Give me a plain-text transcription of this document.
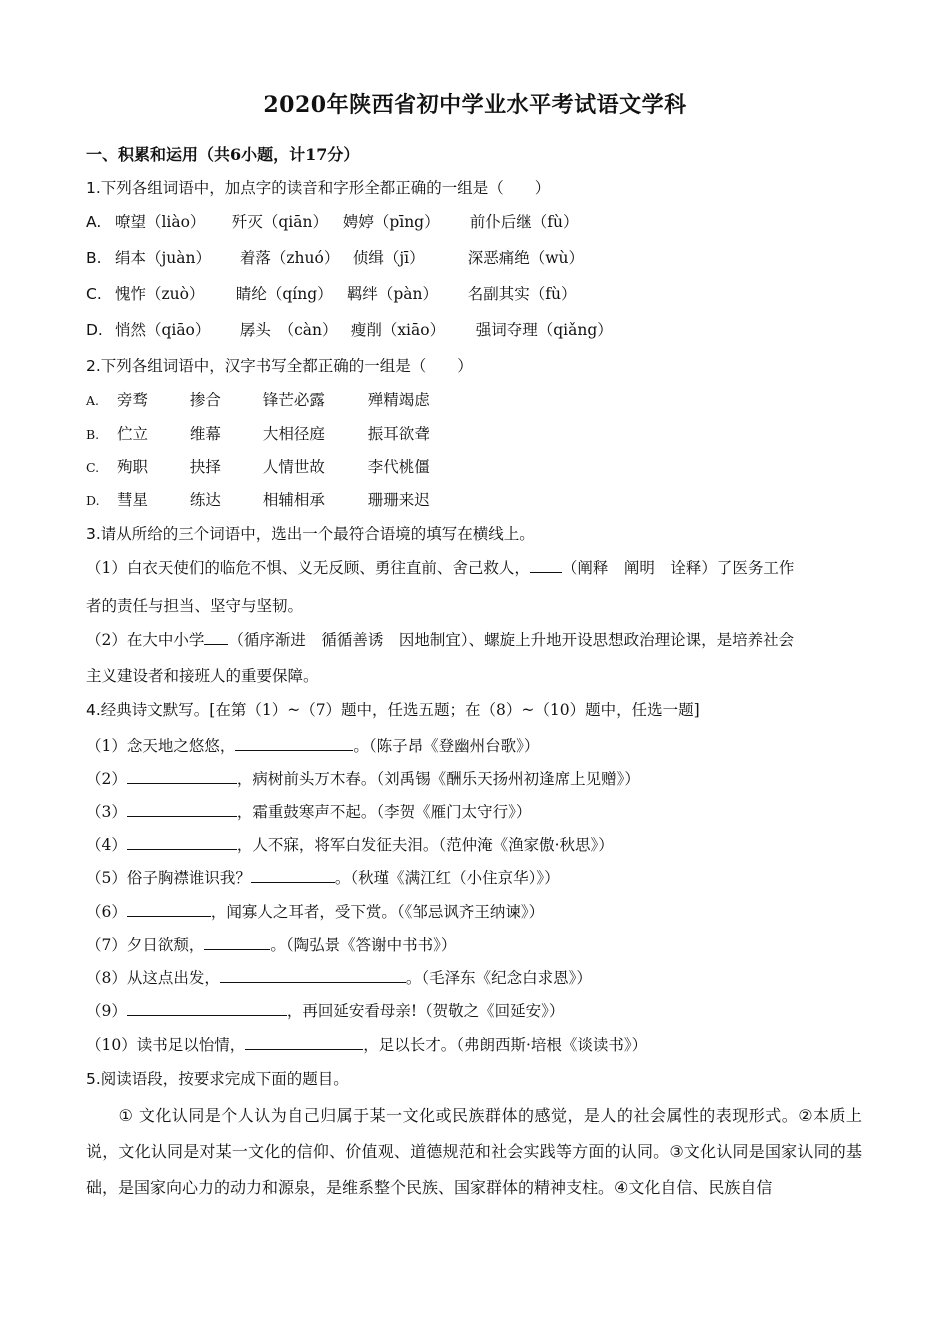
2020年陕西省初中学业水平考试语文学科
一、积累和运用（共6小题，计17分）
1.下列各组词语中，加点字的读音和字形全都正确的一组是（　　）
A. 嘹望（liào） 歼灭（qiān） 娉婷（pīng） 前仆后继（fù）
B. 绢本（juàn） 着落（zhuó） 侦缉（jī）	深恶痛绝（wù）
C. 愧怍（zuò） 睛纶（qíng） 羁绊（pàn） 名副其实（fù）
D. 悄然（qiāo） 孱头　（càn） 瘦削（xiāo） 强词夺理（qiǎng）
2.下列各组词语中，汉字书写全都正确的一组是（　　）
A. 旁骛	掺合	锋芒必露	殚精竭虑
B. 伫立	维幕	大相径庭	振耳欲聋
C. 殉职	抉择	人情世故	李代桃僵
D. 彗星	练达	相辅相承	珊珊来迟
3.请从所给的三个词语中，选出一个最符合语境的填写在横线上。
（1）白衣天使们的临危不惧、义无反顾、勇往直前、舍己救人， （阐释　阐明　诠释）了医务工作
者的责任与担当、坚守与坚韧。
（2）在大中小学 （循序渐进　循循善诱　因地制宜）、螺旋上升地开设思想政治理论课，是培养社会
主义建设者和接班人的重要保障。
4.经典诗文默写。[在第（1）~（7）题中，任选五题；在（8）~（10）题中，任选一题]
（1）念天地之悠悠，	。（陈子昂《登幽州台歌》）
（2）	，病树前头万木春。（刘禹锡《酬乐天扬州初逢席上见赠》）
（3）	，霜重鼓寒声不起。（李贺《雁门太守行》）
（4）	，人不寐，将军白发征夫泪。（范仲淹《渔家傲·秋思》）
（5）俗子胸襟谁识我？	。（秋瑾《满江红（小住京华）》）
（6）	，闻寡人之耳者，受下赏。（《邹忌讽齐王纳谏》）
（7）夕日欲颓，	。（陶弘景《答谢中书书》）
（8）从这点出发，	。（毛泽东《纪念白求恩》）
（9）	，再回延安看母亲!（贺敬之《回延安》）
（10）读书足以怡情，	，足以长才。（弗朗西斯·培根《谈读书》）
5.阅读语段，按要求完成下面的题目。
① 文化认同是个人认为自己归属于某一文化或民族群体的感觉，是人的社会属性的表现形式。②本质上说，文化认同是对某一文化的信仰、价值观、道德规范和社会实践等方面的认同。③文化认同是国家认同的基础，是国家向心力的动力和源泉，是维系整个民族、国家群体的精神支柱。④文化自信、民族自信
